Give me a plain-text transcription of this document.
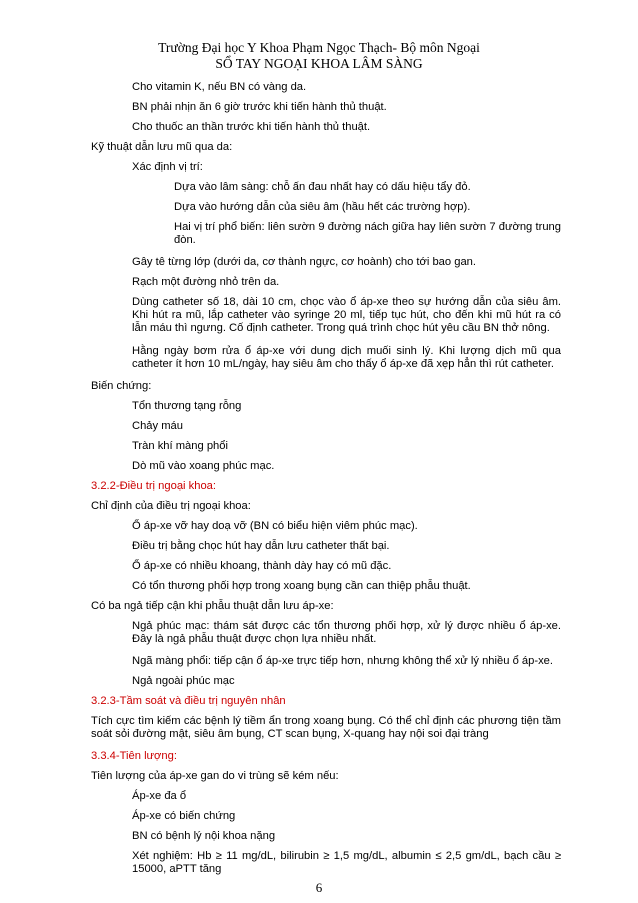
Trường Đại học Y Khoa Phạm Ngọc Thạch- Bộ môn Ngoại
SỔ TAY NGOẠI KHOA LÂM SÀNG
Cho vitamin K, nếu BN có vàng da.
BN phải nhịn ăn 6 giờ trước khi tiến hành thủ thuật.
Cho thuốc an thần trước khi tiến hành thủ thuật.
Kỹ thuật dẫn lưu mũ qua da:
Xác định vị trí:
Dựa vào lâm sàng: chỗ ấn đau nhất hay có dấu hiệu tẩy đỏ.
Dựa vào hướng dẫn của siêu âm (hầu hết các trường hợp).
Hai vị trí phổ biến: liên sườn 9 đường nách giữa hay liên sườn 7 đường trung đòn.
Gây tê từng lớp (dưới da, cơ thành ngực, cơ hoành) cho tới bao gan.
Rạch một đường nhỏ trên da.
Dùng catheter số 18, dài 10 cm, chọc vào ổ áp-xe theo sự hướng dẫn của siêu âm. Khi hút ra mũ, lắp catheter vào syringe 20 ml, tiếp tục hút, cho đến khi mũ hút ra có lẫn máu thì ngưng. Cố định catheter. Trong quá trình chọc hút yêu cầu BN thở nông.
Hằng ngày bơm rửa ổ áp-xe với dung dịch muối sinh lý. Khi lượng dịch mũ qua catheter ít hơn 10 mL/ngày, hay siêu âm cho thấy ổ áp-xe đã xẹp hẳn thì rút catheter.
Biến chứng:
Tổn thương tạng rỗng
Chảy máu
Tràn khí màng phổi
Dò mũ vào xoang phúc mạc.
3.2.2-Điều trị ngoại khoa:
Chỉ định của điều trị ngoại khoa:
Ổ áp-xe vỡ hay doạ vỡ (BN có biểu hiện viêm phúc mạc).
Điều trị bằng chọc hút hay dẫn lưu catheter thất bại.
Ổ áp-xe có nhiều khoang, thành dày hay có mũ đặc.
Có tổn thương phối hợp trong xoang bụng cần can thiệp phẫu thuật.
Có ba ngả tiếp cận khi phẫu thuật dẫn lưu áp-xe:
Ngả phúc mạc: thám sát được các tổn thương phối hợp, xử lý được nhiều ổ áp-xe. Đây là ngả phẫu thuật được chọn lựa nhiều nhất.
Ngã màng phổi: tiếp cận ổ áp-xe trực tiếp hơn, nhưng không thể xử lý nhiều ổ áp-xe.
Ngả ngoài phúc mạc
3.2.3-Tầm soát và điều trị nguyên nhân
Tích cực tìm kiếm các bệnh lý tiềm ẩn trong xoang bụng. Có thể chỉ định các phương tiện tầm soát sỏi đường mật, siêu âm bụng, CT scan bụng, X-quang hay nội soi đại tràng
3.3.4-Tiên lượng:
Tiên lượng của áp-xe gan do vi trùng sẽ kém nếu:
Áp-xe đa ổ
Áp-xe có biến chứng
BN có bệnh lý nội khoa nặng
Xét nghiệm: Hb ≥ 11 mg/dL, bilirubin ≥ 1,5 mg/dL, albumin ≤ 2,5 gm/dL, bạch cầu ≥ 15000, aPTT tăng
6
